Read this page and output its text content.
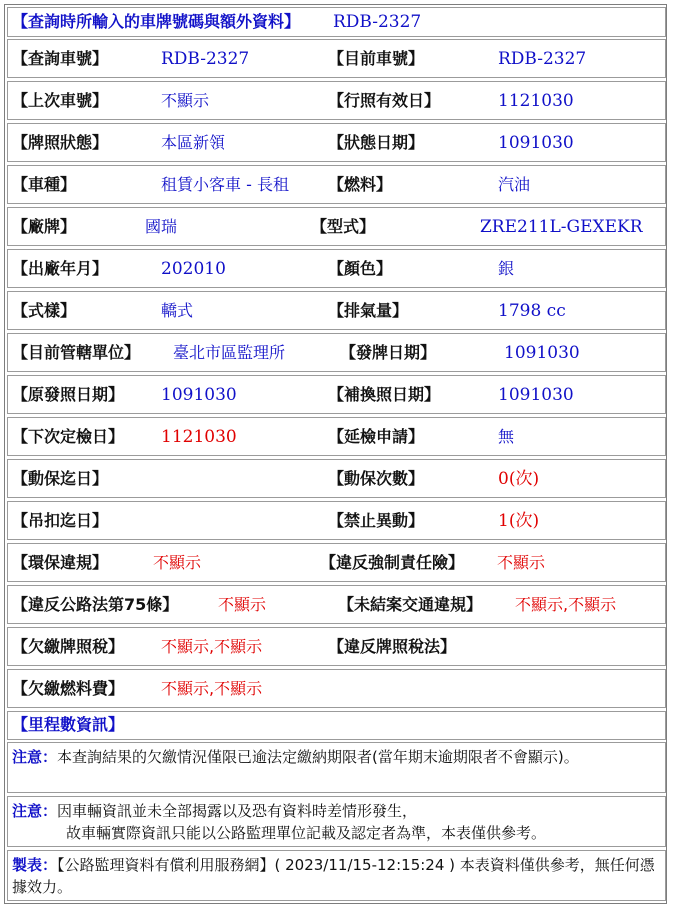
【查詢時所輸入的車牌號碼與額外資料】 RDB-2327
【查詢車號】	RDB-2327	【目前車號】	RDB-2327
【上次車號】	不顯示	【行照有效日】	1121030
【牌照狀態】	本區新領	【狀態日期】	1091030
【車種】	租賃小客車 - 長租 【燃料】	汽油
【廠牌】	國瑞	【型式】	ZRE211L-GEXEKR
【出廠年月】	202010	【顏色】	銀
【式樣】	轎式	【排氣量】	1798 cc
【目前管轄單位】 臺北市區監理所	【發牌日期】	1091030
【原發照日期】 1091030	【補換照日期】	1091030
【下次定檢日】 1121030	【延檢申請】	無
【動保迄日】	【動保次數】	0(次)
【吊扣迄日】	【禁止異動】	1(次)
【環保違規】	不顯示	【違反強制責任險】 不顯示
【違反公路法第75條】 不顯示	【未結案交通違規】 不顯示,不顯示
【欠繳牌照稅】 不顯示,不顯示	【違反牌照稅法】
【欠繳燃料費】 不顯示,不顯示
【里程數資訊】
注意：本查詢結果的欠繳情況僅限已逾法定繳納期限者(當年期末逾期限者不會顯示)。
注意：因車輛資訊並未全部揭露以及恐有資料時差情形發生，
故車輛實際資訊只能以公路監理單位記載及認定者為準，本表僅供參考。
製表：【公路監理資料有償利用服務網】( 2023/11/15-12:15:24 ) 本表資料僅供參考，無任何憑據效力。
